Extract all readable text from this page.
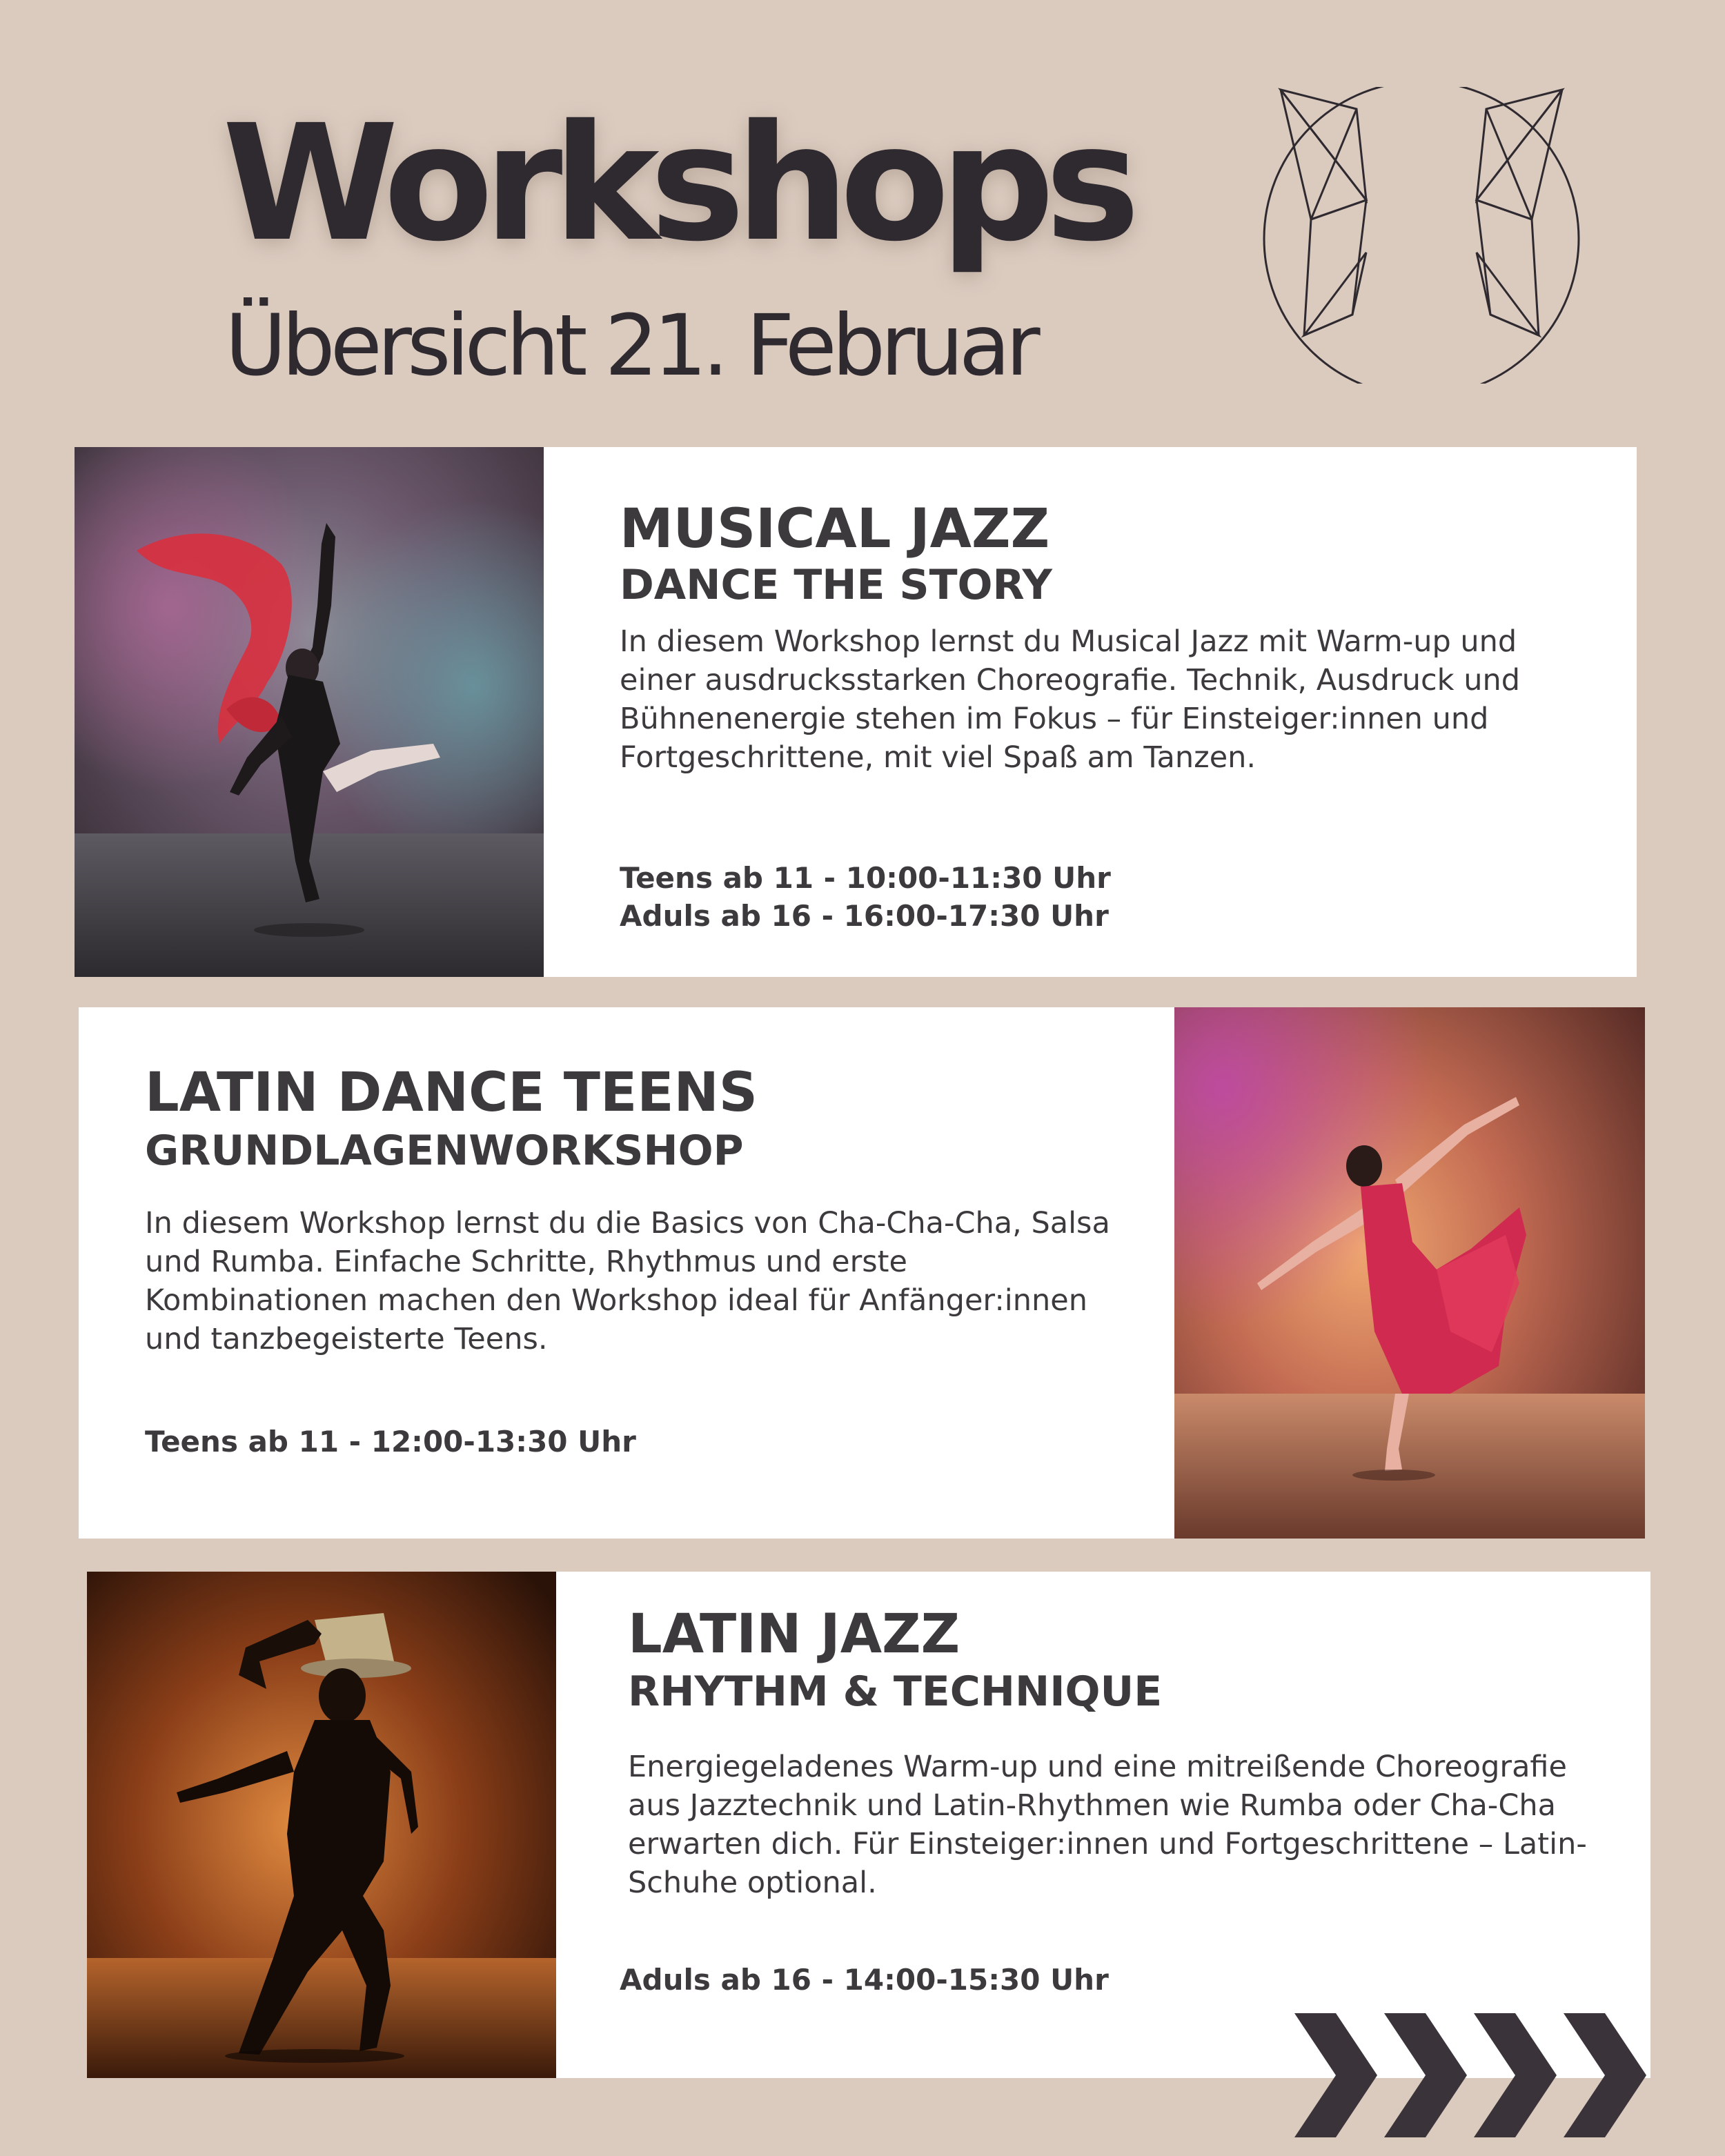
Workshops
Übersicht 21. Februar
MUSICAL JAZZ
DANCE THE STORY
In diesem Workshop lernst du Musical Jazz mit Warm-up und einer ausdrucksstarken Choreografie. Technik, Ausdruck und Bühnenenergie stehen im Fokus – für Einsteiger:innen und Fortgeschrittene, mit viel Spaß am Tanzen.
Teens ab 11 - 10:00-11:30 Uhr
Aduls ab 16 - 16:00-17:30 Uhr
LATIN DANCE TEENS
GRUNDLAGENWORKSHOP
In diesem Workshop lernst du die Basics von Cha-Cha-Cha, Salsa und Rumba. Einfache Schritte, Rhythmus und erste Kombinationen machen den Workshop ideal für Anfänger:innen und tanzbegeisterte Teens.
Teens ab 11 - 12:00-13:30 Uhr
LATIN JAZZ
RHYTHM & TECHNIQUE
Energiegeladenes Warm-up und eine mitreißende Choreografie aus Jazztechnik und Latin-Rhythmen wie Rumba oder Cha-Cha erwarten dich. Für Einsteiger:innen und Fortgeschrittene – Latin- Schuhe optional.
Aduls ab 16 - 14:00-15:30 Uhr
